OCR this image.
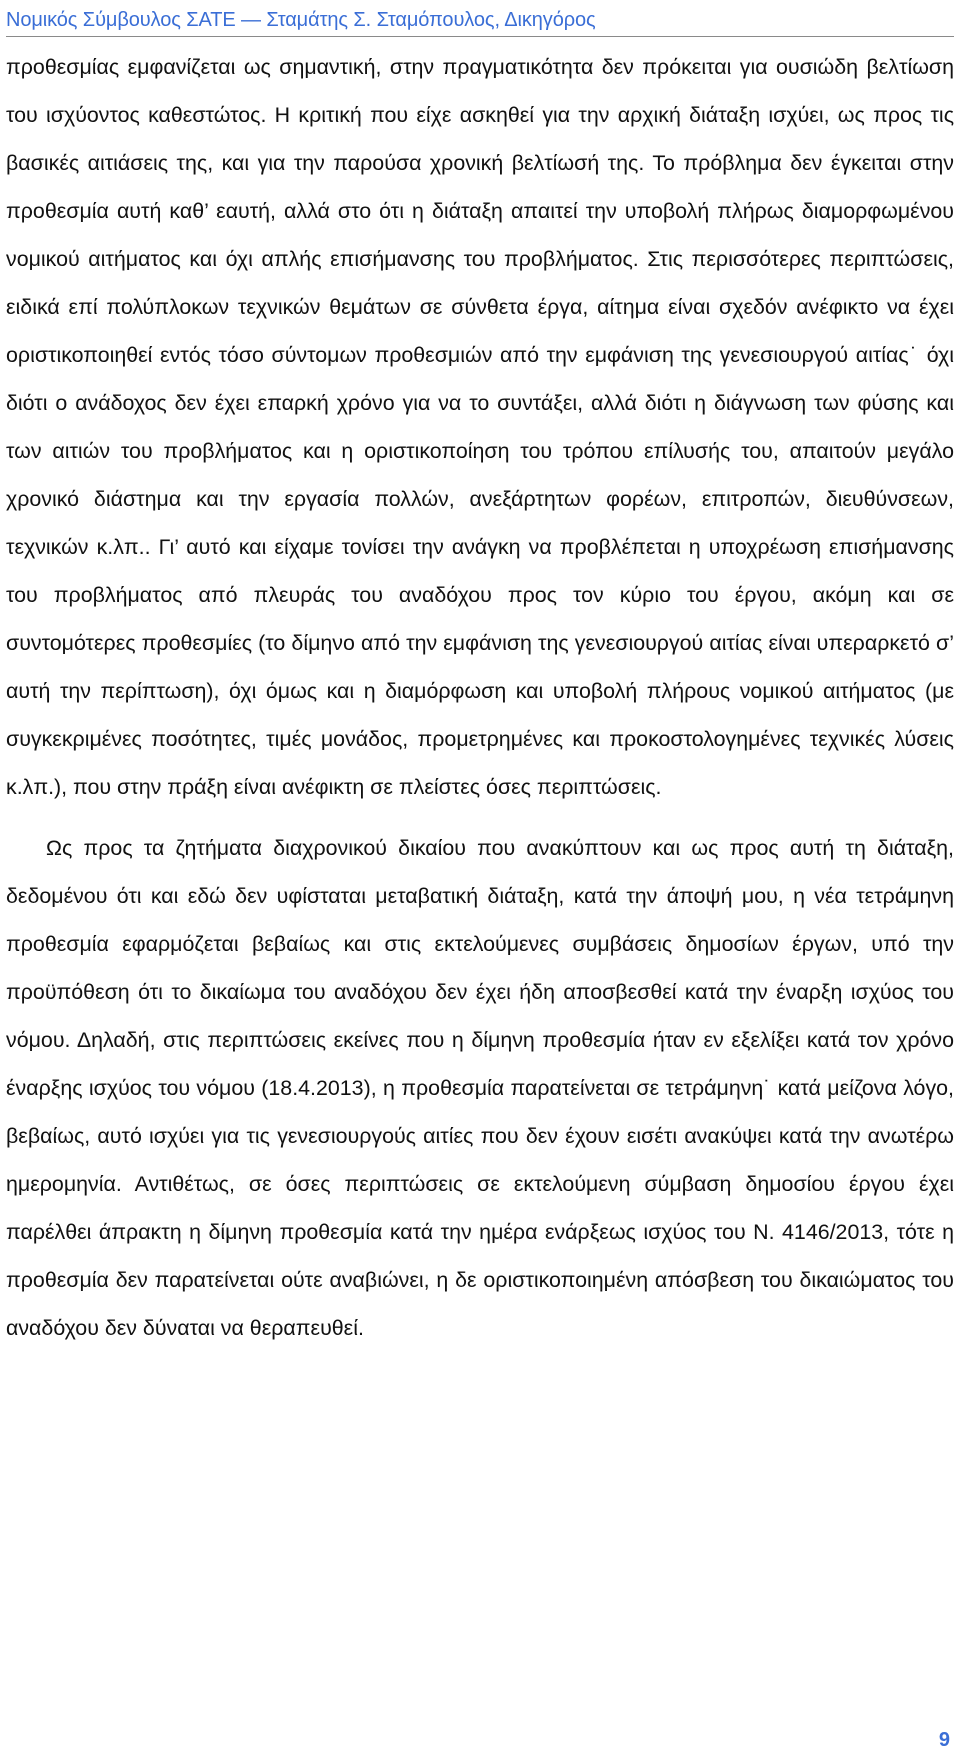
Νομικός Σύμβουλος ΣΑΤΕ — Σταμάτης Σ. Σταμόπουλος, Δικηγόρος

προθεσμίας εμφανίζεται ως σημαντική, στην πραγματικότητα δεν πρόκειται για ουσιώδη βελτίωση του ισχύοντος καθεστώτος. Η κριτική που είχε ασκηθεί για την αρχική διάταξη ισχύει, ως προς τις βασικές αιτιάσεις της, και για την παρούσα χρονική βελτίωσή της. Το πρόβλημα δεν έγκειται στην προθεσμία αυτή καθ’ εαυτή, αλλά στο ότι η διάταξη απαιτεί την υποβολή πλήρως διαμορφωμένου νομικού αιτήματος και όχι απλής επισήμανσης του προβλήματος. Στις περισσότερες περιπτώσεις, ειδικά επί πολύπλοκων τεχνικών θεμάτων σε σύνθετα έργα, αίτημα είναι σχεδόν ανέφικτο να έχει οριστικοποιηθεί εντός τόσο σύντομων προθεσμιών από την εμφάνιση της γενεσιουργού αιτίας˙ όχι διότι ο ανάδοχος δεν έχει επαρκή χρόνο για να το συντάξει, αλλά διότι η διάγνωση των φύσης και των αιτιών του προβλήματος και η οριστικοποίηση του τρόπου επίλυσής του, απαιτούν μεγάλο χρονικό διάστημα και την εργασία πολλών, ανεξάρτητων φορέων, επιτροπών, διευθύνσεων, τεχνικών κ.λπ.. Γι’ αυτό και είχαμε τονίσει την ανάγκη να προβλέπεται η υποχρέωση επισήμανσης του προβλήματος από πλευράς του αναδόχου προς τον κύριο του έργου, ακόμη και σε συντομότερες προθεσμίες (το δίμηνο από την εμφάνιση της γενεσιουργού αιτίας είναι υπεραρκετό σ’ αυτή την περίπτωση), όχι όμως και η διαμόρφωση και υποβολή πλήρους νομικού αιτήματος (με συγκεκριμένες ποσότητες, τιμές μονάδος, προμετρημένες και προκοστολογημένες τεχνικές λύσεις κ.λπ.), που στην πράξη είναι ανέφικτη σε πλείστες όσες περιπτώσεις.

Ως προς τα ζητήματα διαχρονικού δικαίου που ανακύπτουν και ως προς αυτή τη διάταξη, δεδομένου ότι και εδώ δεν υφίσταται μεταβατική διάταξη, κατά την άποψή μου, η νέα τετράμηνη προθεσμία εφαρμόζεται βεβαίως και στις εκτελούμενες συμβάσεις δημοσίων έργων, υπό την προϋπόθεση ότι το δικαίωμα του αναδόχου δεν έχει ήδη αποσβεσθεί κατά την έναρξη ισχύος του νόμου. Δηλαδή, στις περιπτώσεις εκείνες που η δίμηνη προθεσμία ήταν εν εξελίξει κατά τον χρόνο έναρξης ισχύος του νόμου (18.4.2013), η προθεσμία παρατείνεται σε τετράμηνη˙ κατά μείζονα λόγο, βεβαίως, αυτό ισχύει για τις γενεσιουργούς αιτίες που δεν έχουν εισέτι ανακύψει κατά την ανωτέρω ημερομηνία. Αντιθέτως, σε όσες περιπτώσεις σε εκτελούμενη σύμβαση δημοσίου έργου έχει παρέλθει άπρακτη η δίμηνη προθεσμία κατά την ημέρα ενάρξεως ισχύος του Ν. 4146/2013, τότε η προθεσμία δεν παρατείνεται ούτε αναβιώνει, η δε οριστικοποιημένη απόσβεση του δικαιώματος του αναδόχου δεν δύναται να θεραπευθεί.

9
